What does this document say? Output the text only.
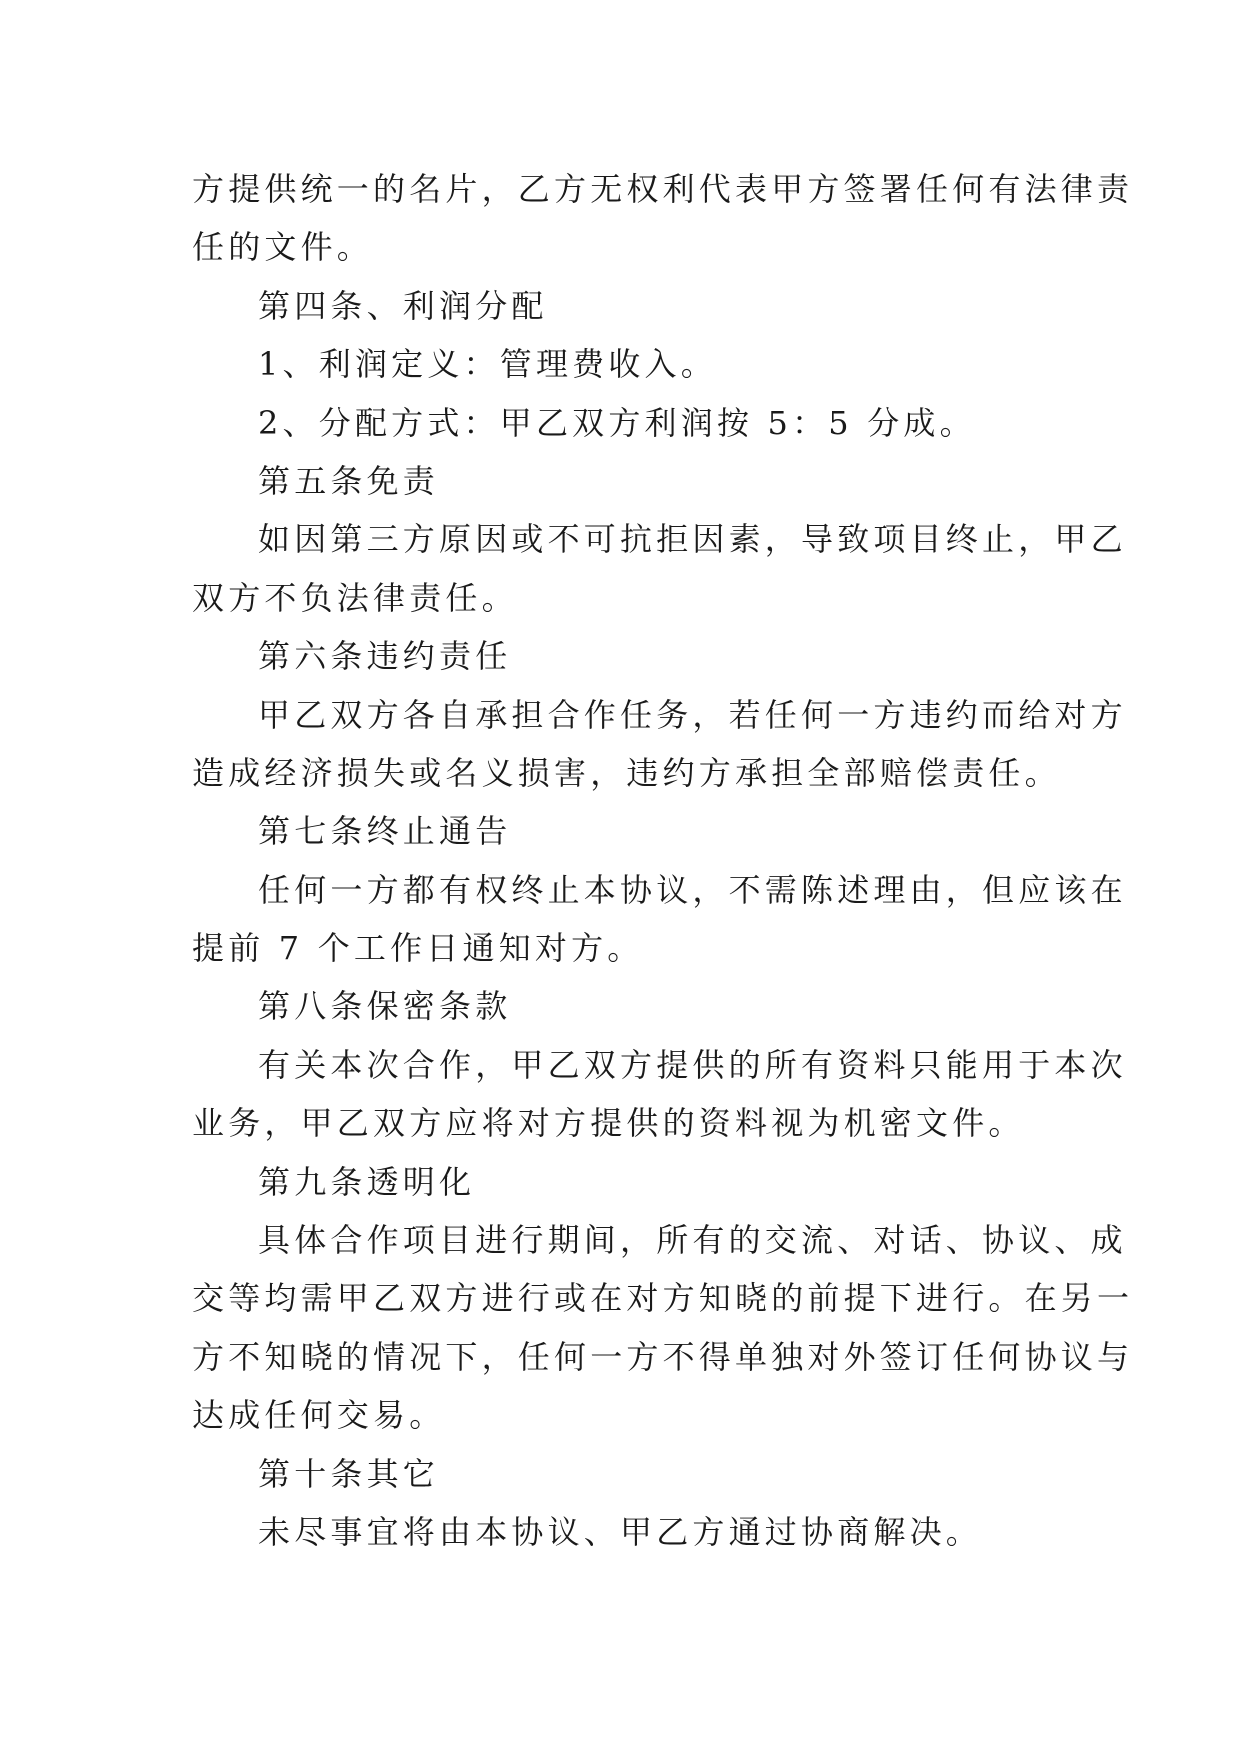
方提供统一的名片，乙方无权利代表甲方签署任何有法律责
任的文件。
第四条、利润分配
1、利润定义：管理费收入。
2、分配方式：甲乙双方利润按 5：5 分成。
第五条免责
如因第三方原因或不可抗拒因素，导致项目终止，甲乙
双方不负法律责任。
第六条违约责任
甲乙双方各自承担合作任务，若任何一方违约而给对方
造成经济损失或名义损害，违约方承担全部赔偿责任。
第七条终止通告
任何一方都有权终止本协议，不需陈述理由，但应该在
提前 7 个工作日通知对方。
第八条保密条款
有关本次合作，甲乙双方提供的所有资料只能用于本次
业务，甲乙双方应将对方提供的资料视为机密文件。
第九条透明化
具体合作项目进行期间，所有的交流、对话、协议、成
交等均需甲乙双方进行或在对方知晓的前提下进行。在另一
方不知晓的情况下，任何一方不得单独对外签订任何协议与
达成任何交易。
第十条其它
未尽事宜将由本协议、甲乙方通过协商解决。
